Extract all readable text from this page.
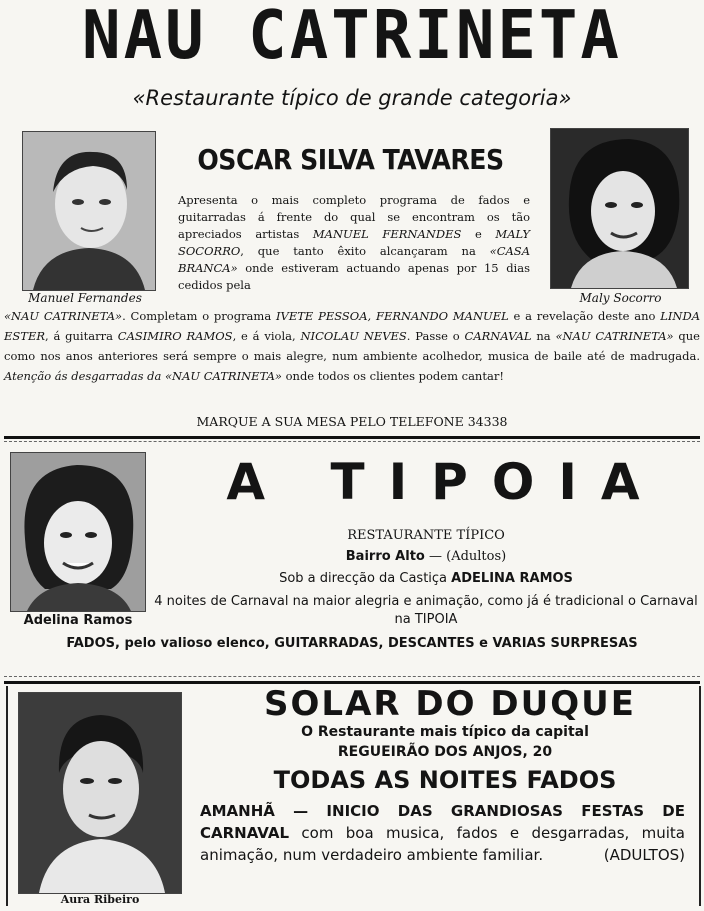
NAU CATRINETA
«Restaurante típico de grande categoria»
Manuel Fernandes	Maly Socorro
OSCAR SILVA TAVARES
Apresenta o mais completo programa de fados e guitarradas á frente do qual se encontram os tão apreciados artistas MANUEL FERNANDES e MALY SOCORRO, que tanto êxito alcançaram na «CASA BRANCA» onde estiveram actuando apenas por 15 dias cedidos pela
«NAU CATRINETA». Completam o programa IVETE PESSOA, FERNANDO MANUEL e a revelação deste ano LINDA ESTER, á guitarra CASIMIRO RAMOS, e á viola, NICOLAU NEVES. Passe o CARNAVAL na «NAU CATRINETA» que como nos anos anteriores será sempre o mais alegre, num ambiente acolhedor, musica de baile até de madrugada. Atenção ás desgarradas da «NAU CATRINETA» onde todos os clientes podem cantar!
MARQUE A SUA MESA PELO TELEFONE 34338
Adelina Ramos
A TIPOIA
RESTAURANTE TÍPICO
Bairro Alto — (Adultos)
Sob a direcção da Castiça ADELINA RAMOS
4 noites de Carnaval na maior alegria e animação, como já é tradicional o Carnaval na TIPOIA
FADOS, pelo valioso elenco, GUITARRADAS, DESCANTES e VARIAS SURPRESAS
Aura Ribeiro
SOLAR DO DUQUE
O Restaurante mais típico da capital
REGUEIRÃO DOS ANJOS, 20
TODAS AS NOITES FADOS
AMANHÃ — INICIO DAS GRANDIOSAS FESTAS DE CARNAVAL com boa musica, fados e desgarradas, muita animação, num verdadeiro ambiente familiar.	(ADULTOS)
